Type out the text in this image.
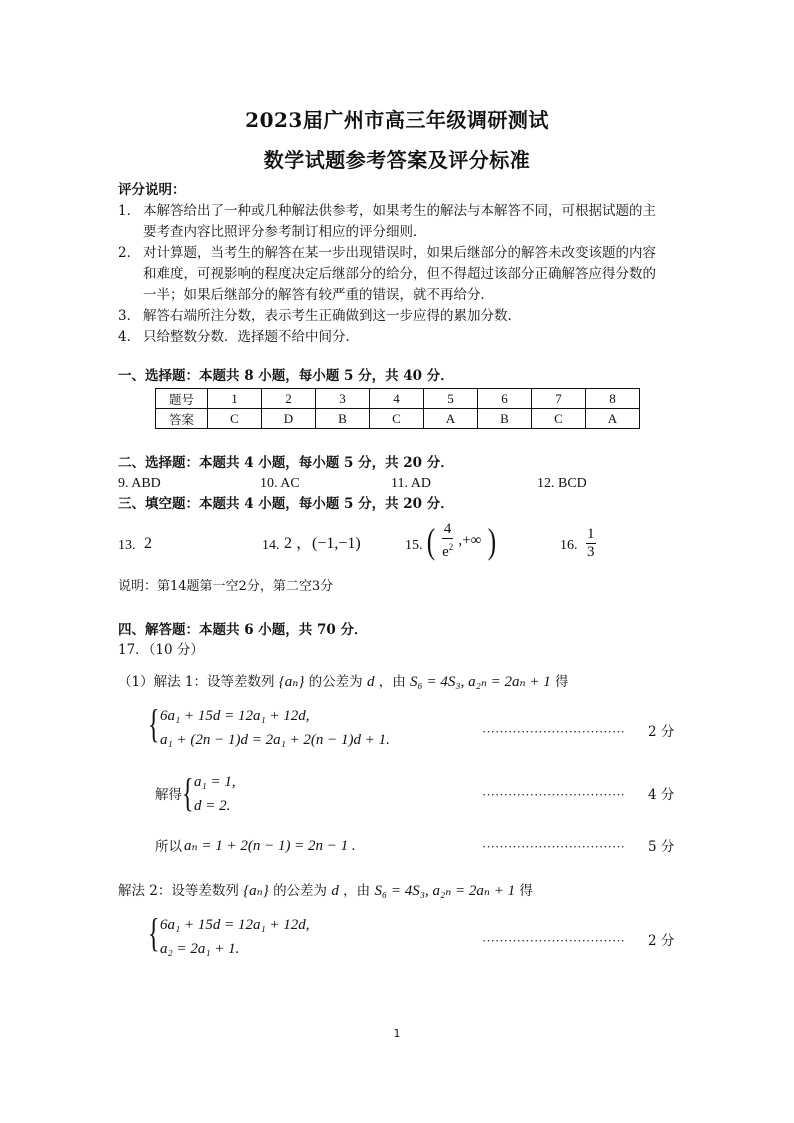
2023届广州市高三年级调研测试
数学试题参考答案及评分标准
评分说明：
1． 本解答给出了一种或几种解法供参考，如果考生的解法与本解答不同，可根据试题的主
要考查内容比照评分参考制订相应的评分细则．
2． 对计算题，当考生的解答在某一步出现错误时，如果后继部分的解答未改变该题的内容
和难度，可视影响的程度决定后继部分的给分，但不得超过该部分正确解答应得分数的
一半；如果后继部分的解答有较严重的错误，就不再给分．
3． 解答右端所注分数，表示考生正确做到这一步应得的累加分数．
4． 只给整数分数．选择题不给中间分．
一、选择题：本题共 8 小题，每小题 5 分，共 40 分．
题号	1	2	3	4	5	6	7	8
答案	C	D	B	C	A	B	C	A
二、选择题：本题共 4 小题，每小题 5 分，共 20 分．
9. ABD	10. AC	11. AD	12. BCD
三、填空题：本题共 4 小题，每小题 5 分，共 20 分．
13. 2	14. 2 ，(−1,−1)	15. ( $\frac{4}{e^2}$ ,+∞ )	16. $\frac{1}{3}$
说明：第14题第一空2分，第二空3分
四、解答题：本题共 6 小题，共 70 分．
17．（10 分）
（1）解法 1：设等差数列 {aₙ} 的公差为 d ，由 S₆ = 4S₃, a₂ₙ = 2aₙ + 1 得
{ 6a₁ + 15d = 12a₁ + 12d,
a₁ + (2n − 1)d = 2a₁ + 2(n − 1)d + 1.
································· 2 分
解得 { a₁ = 1,
d = 2.
································· 4 分
所以 aₙ = 1 + 2(n − 1) = 2n − 1 .	································· 5 分
解法 2：设等差数列 {aₙ} 的公差为 d ，由 S₆ = 4S₃, a₂ₙ = 2aₙ + 1 得
{ 6a₁ + 15d = 12a₁ + 12d,
a₂ = 2a₁ + 1.
································· 2 分
1
